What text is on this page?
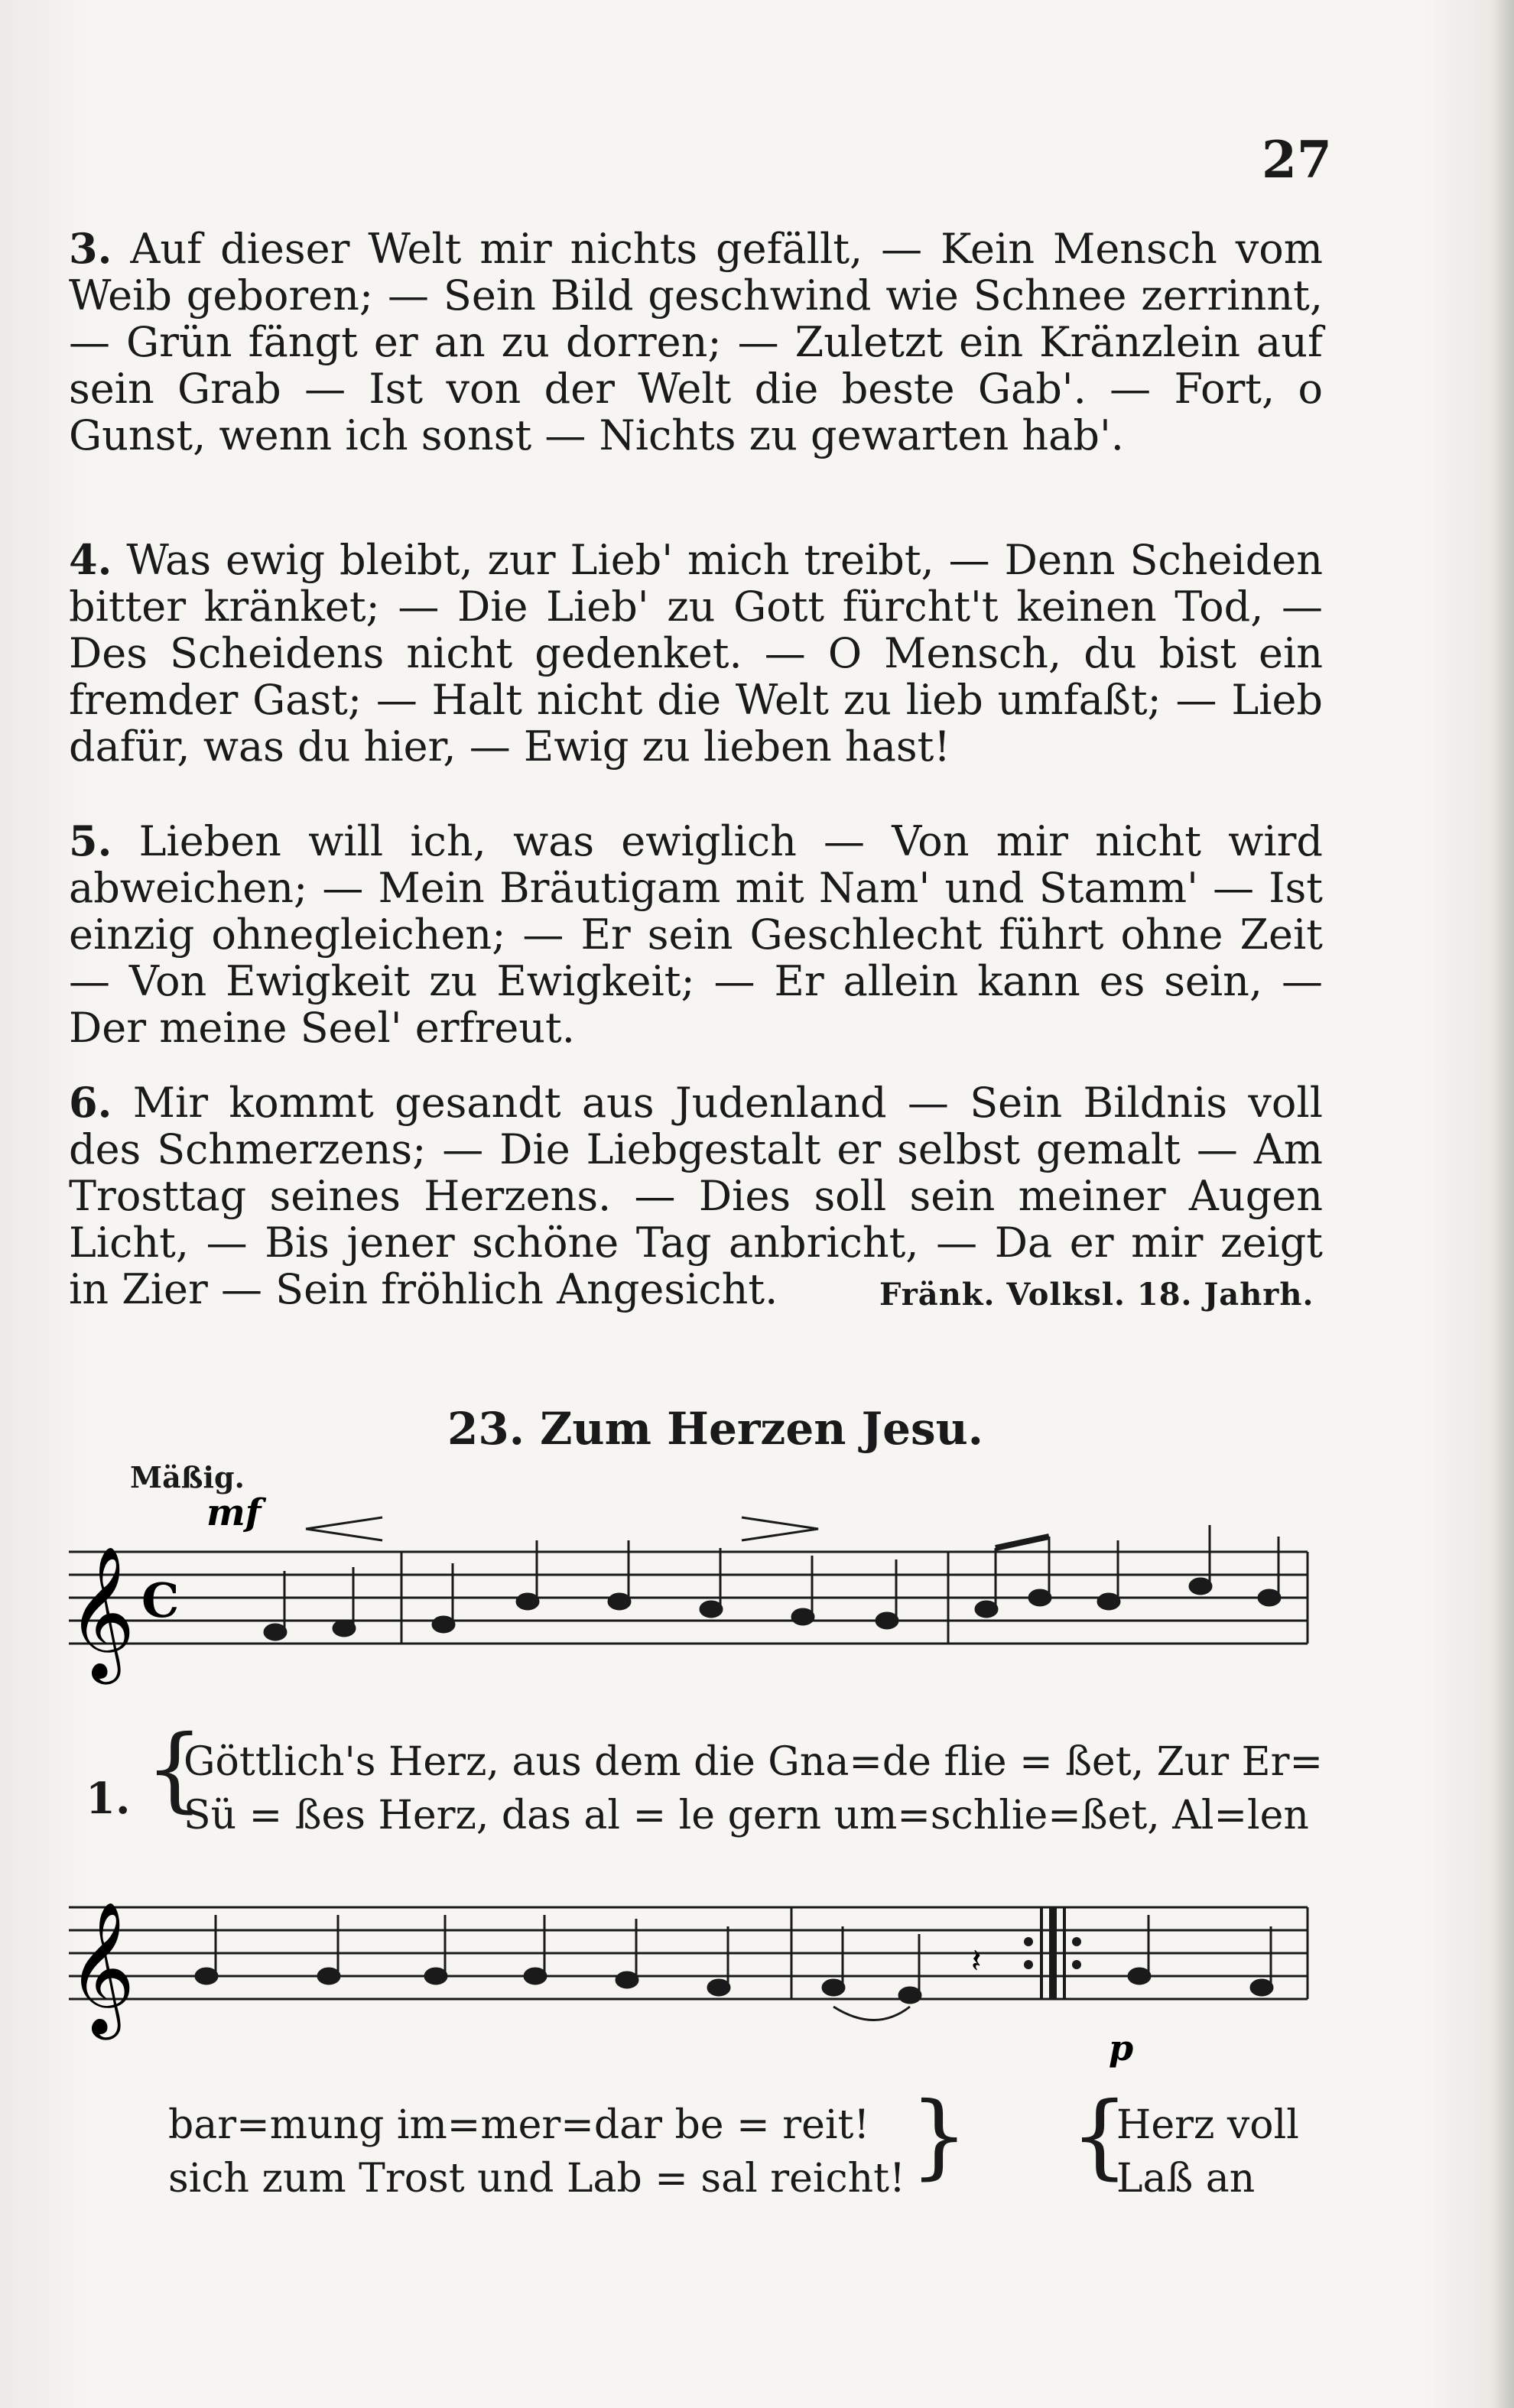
27

3. Auf dieser Welt mir nichts gefällt, — Kein Mensch vom Weib geboren; — Sein Bild geschwind wie Schnee zerrinnt, — Grün fängt er an zu dorren; — Zuletzt ein Kränzlein auf sein Grab — Ist von der Welt die beste Gab'. — Fort, o Gunst, wenn ich sonst — Nichts zu gewarten hab'.

4. Was ewig bleibt, zur Lieb' mich treibt, — Denn Scheiden bitter kränket; — Die Lieb' zu Gott fürcht't keinen Tod, — Des Scheidens nicht gedenket. — O Mensch, du bist ein fremder Gast; — Halt nicht die Welt zu lieb umfaßt; — Lieb dafür, was du hier, — Ewig zu lieben hast!

5. Lieben will ich, was ewiglich — Von mir nicht wird abweichen; — Mein Bräutigam mit Nam' und Stamm' — Ist einzig ohnegleichen; — Er sein Geschlecht führt ohne Zeit — Von Ewigkeit zu Ewigkeit; — Er allein kann es sein, — Der meine Seel' erfreut.

6. Mir kommt gesandt aus Judenland — Sein Bildnis voll des Schmerzens; — Die Liebgestalt er selbst gemalt — Am Trosttag seines Herzens. — Dies soll sein meiner Augen Licht, — Bis jener schöne Tag anbricht, — Da er mir zeigt in Zier — Sein fröhlich Angesicht.	Fränk. Volksl. 18. Jahrh.
23. Zum Herzen Jesu.
Mäßig.
mf
𝄞 C
1. {
Göttlich's Herz, aus dem die Gna=de flie = ßet, Zur Er=
Sü = ßes Herz, das al = le gern um=schlie=ßet, Al=len
𝄞	𝄽
p
bar=mung im=mer=dar be = reit!
sich zum Trost und Lab = sal reicht! } {
Herz voll
Laß an
